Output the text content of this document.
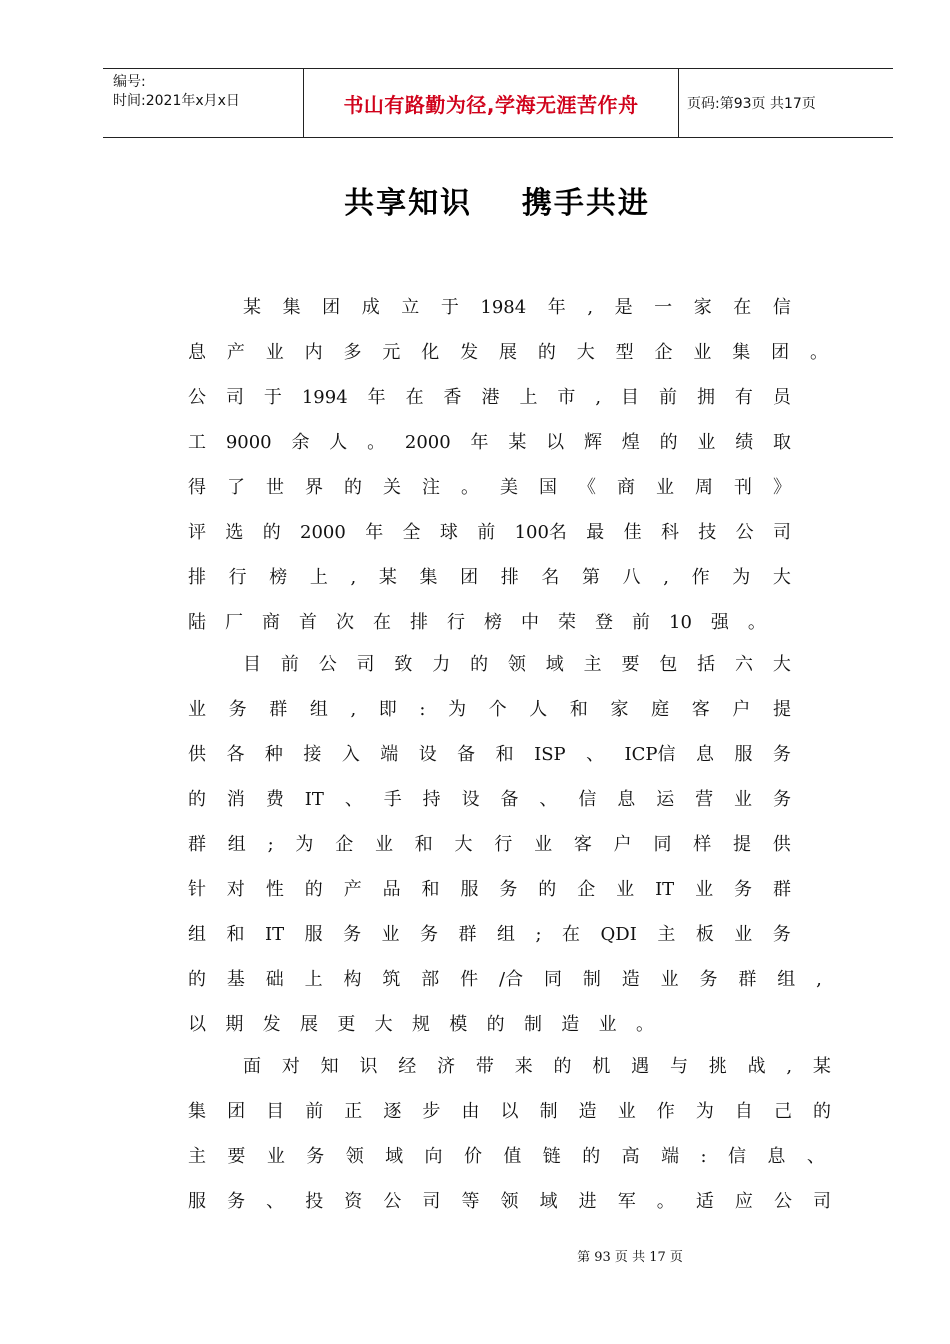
编号:
时间:2021年x月x日	书山有路勤为径,学海无涯苦作舟	页码:第93页 共17页
共享知识    携手共进
某 集 团 成 立 于 1984 年 , 是 一 家 在 信
息 产 业 内 多 元 化 发 展 的 大 型 企 业 集 团 。
公 司 于 1994 年 在 香 港 上 市 , 目 前 拥 有 员
工 9000 余 人 。 2000 年 某 以 辉 煌 的 业 绩 取
得 了 世 界 的 关 注 。 美 国 《 商 业 周 刊 》
评 选 的 2000 年 全 球 前 100名 最 佳 科 技 公 司
排 行 榜 上 , 某 集 团 排 名 第 八 , 作 为 大
陆 厂 商 首 次 在 排 行 榜 中 荣 登 前 10 强 。
目 前 公 司 致 力 的 领 域 主 要 包 括 六 大
业 务 群 组 , 即 : 为 个 人 和 家 庭 客 户 提
供 各 种 接 入 端 设 备 和 ISP 、 ICP信 息 服 务
的 消 费 IT 、 手 持 设 备 、 信 息 运 营 业 务
群 组 ; 为 企 业 和 大 行 业 客 户 同 样 提 供
针 对 性 的 产 品 和 服 务 的 企 业 IT 业 务 群
组 和 IT 服 务 业 务 群 组 ; 在 QDI 主 板 业 务
的 基 础 上 构 筑 部 件 /合 同 制 造 业 务 群 组 ,
以 期 发 展 更 大 规 模 的 制 造 业 。
面 对 知 识 经 济 带 来 的 机 遇 与 挑 战 , 某
集 团 目 前 正 逐 步 由 以 制 造 业 作 为 自 己 的
主 要 业 务 领 域 向 价 值 链 的 高 端 : 信 息 、
服 务 、 投 资 公 司 等 领 域 进 军 。 适 应 公 司
第 93 页 共 17 页
